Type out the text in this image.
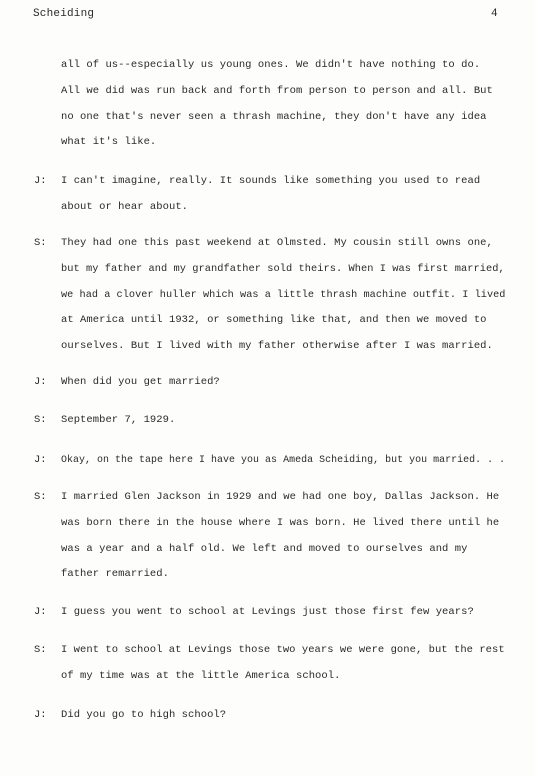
Scheiding	4
all of us--especially us young ones. We didn't have nothing to do.
All we did was run back and forth from person to person and all. But
no one that's never seen a thrash machine, they don't have any idea
what it's like.
J: I can't imagine, really. It sounds like something you used to read
about or hear about.
S: They had one this past weekend at Olmsted. My cousin still owns one,
but my father and my grandfather sold theirs. When I was first married,
we had a clover huller which was a little thrash machine outfit. I lived
at America until 1932, or something like that, and then we moved to
ourselves. But I lived with my father otherwise after I was married.
J: When did you get married?
S: September 7, 1929.
J: Okay, on the tape here I have you as Ameda Scheiding, but you married. . .
S: I married Glen Jackson in 1929 and we had one boy, Dallas Jackson. He
was born there in the house where I was born. He lived there until he
was a year and a half old. We left and moved to ourselves and my
father remarried.
J: I guess you went to school at Levings just those first few years?
S: I went to school at Levings those two years we were gone, but the rest
of my time was at the little America school.
J: Did you go to high school?
